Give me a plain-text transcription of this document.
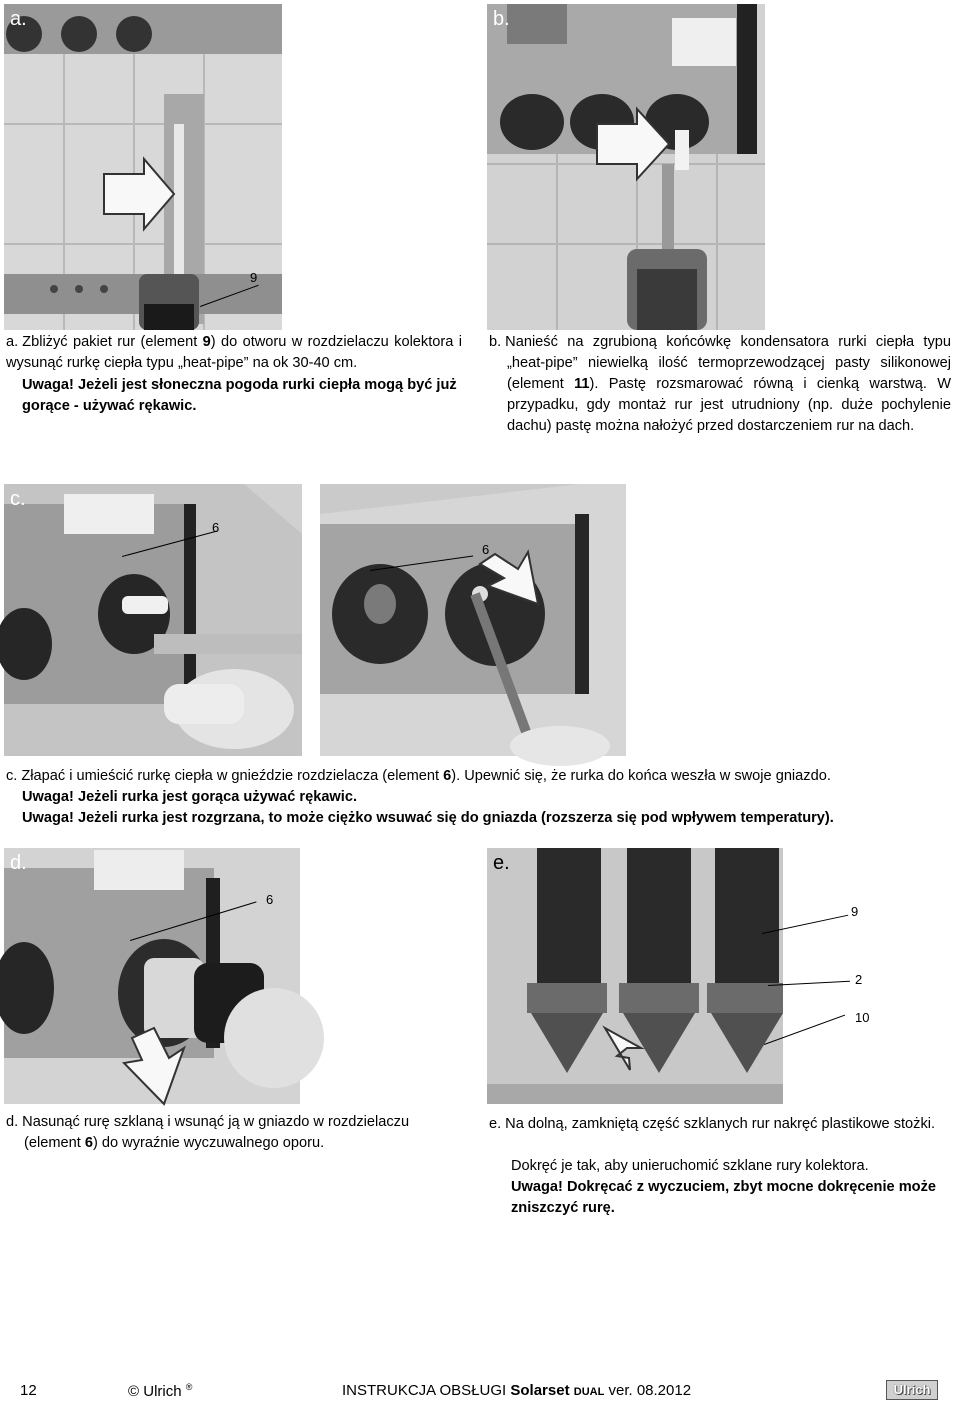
a.
9
b.
a. Zbliżyć pakiet rur (element 9) do otworu w rozdzielaczu kolektora i wysunąć rurkę ciepła typu „heat-pipe” na ok 30-40 cm.
Uwaga! Jeżeli jest słoneczna pogoda rurki ciepła mogą być już gorące - używać rękawic.
b. Nanieść na zgrubioną końcówkę kondensatora rurki ciepła typu „heat-pipe” niewielką ilość termoprzewodzącej pasty silikonowej (element 11). Pastę rozsmarować równą i cienką warstwą. W przypadku, gdy montaż rur jest utrudniony (np. duże pochylenie dachu) pastę można nałożyć przed dostarczeniem rur na dach.
c.
6
6
c. Złapać i umieścić rurkę ciepła w gnieździe rozdzielacza (element 6). Upewnić się, że rurka do końca weszła w swoje gniazdo.
Uwaga! Jeżeli rurka jest gorąca używać rękawic.
Uwaga! Jeżeli rurka jest rozgrzana, to może ciężko wsuwać się do gniazda (rozszerza się pod wpływem temperatury).
d.
6
e.
9
2
10
d. Nasunąć rurę szklaną i wsunąć ją w gniazdo w rozdzielaczu (element 6) do wyraźnie wyczuwalnego oporu.
e. Na dolną, zamkniętą część szklanych rur nakręć plastikowe stożki.
Dokręć je tak, aby unieruchomić szklane rury kolektora.
Uwaga! Dokręcać z wyczuciem, zbyt mocne dokręcenie może zniszczyć rurę.
12	© Ulrich ®	INSTRUKCJA OBSŁUGI Solarset DUAL ver. 08.2012	Ulrich
